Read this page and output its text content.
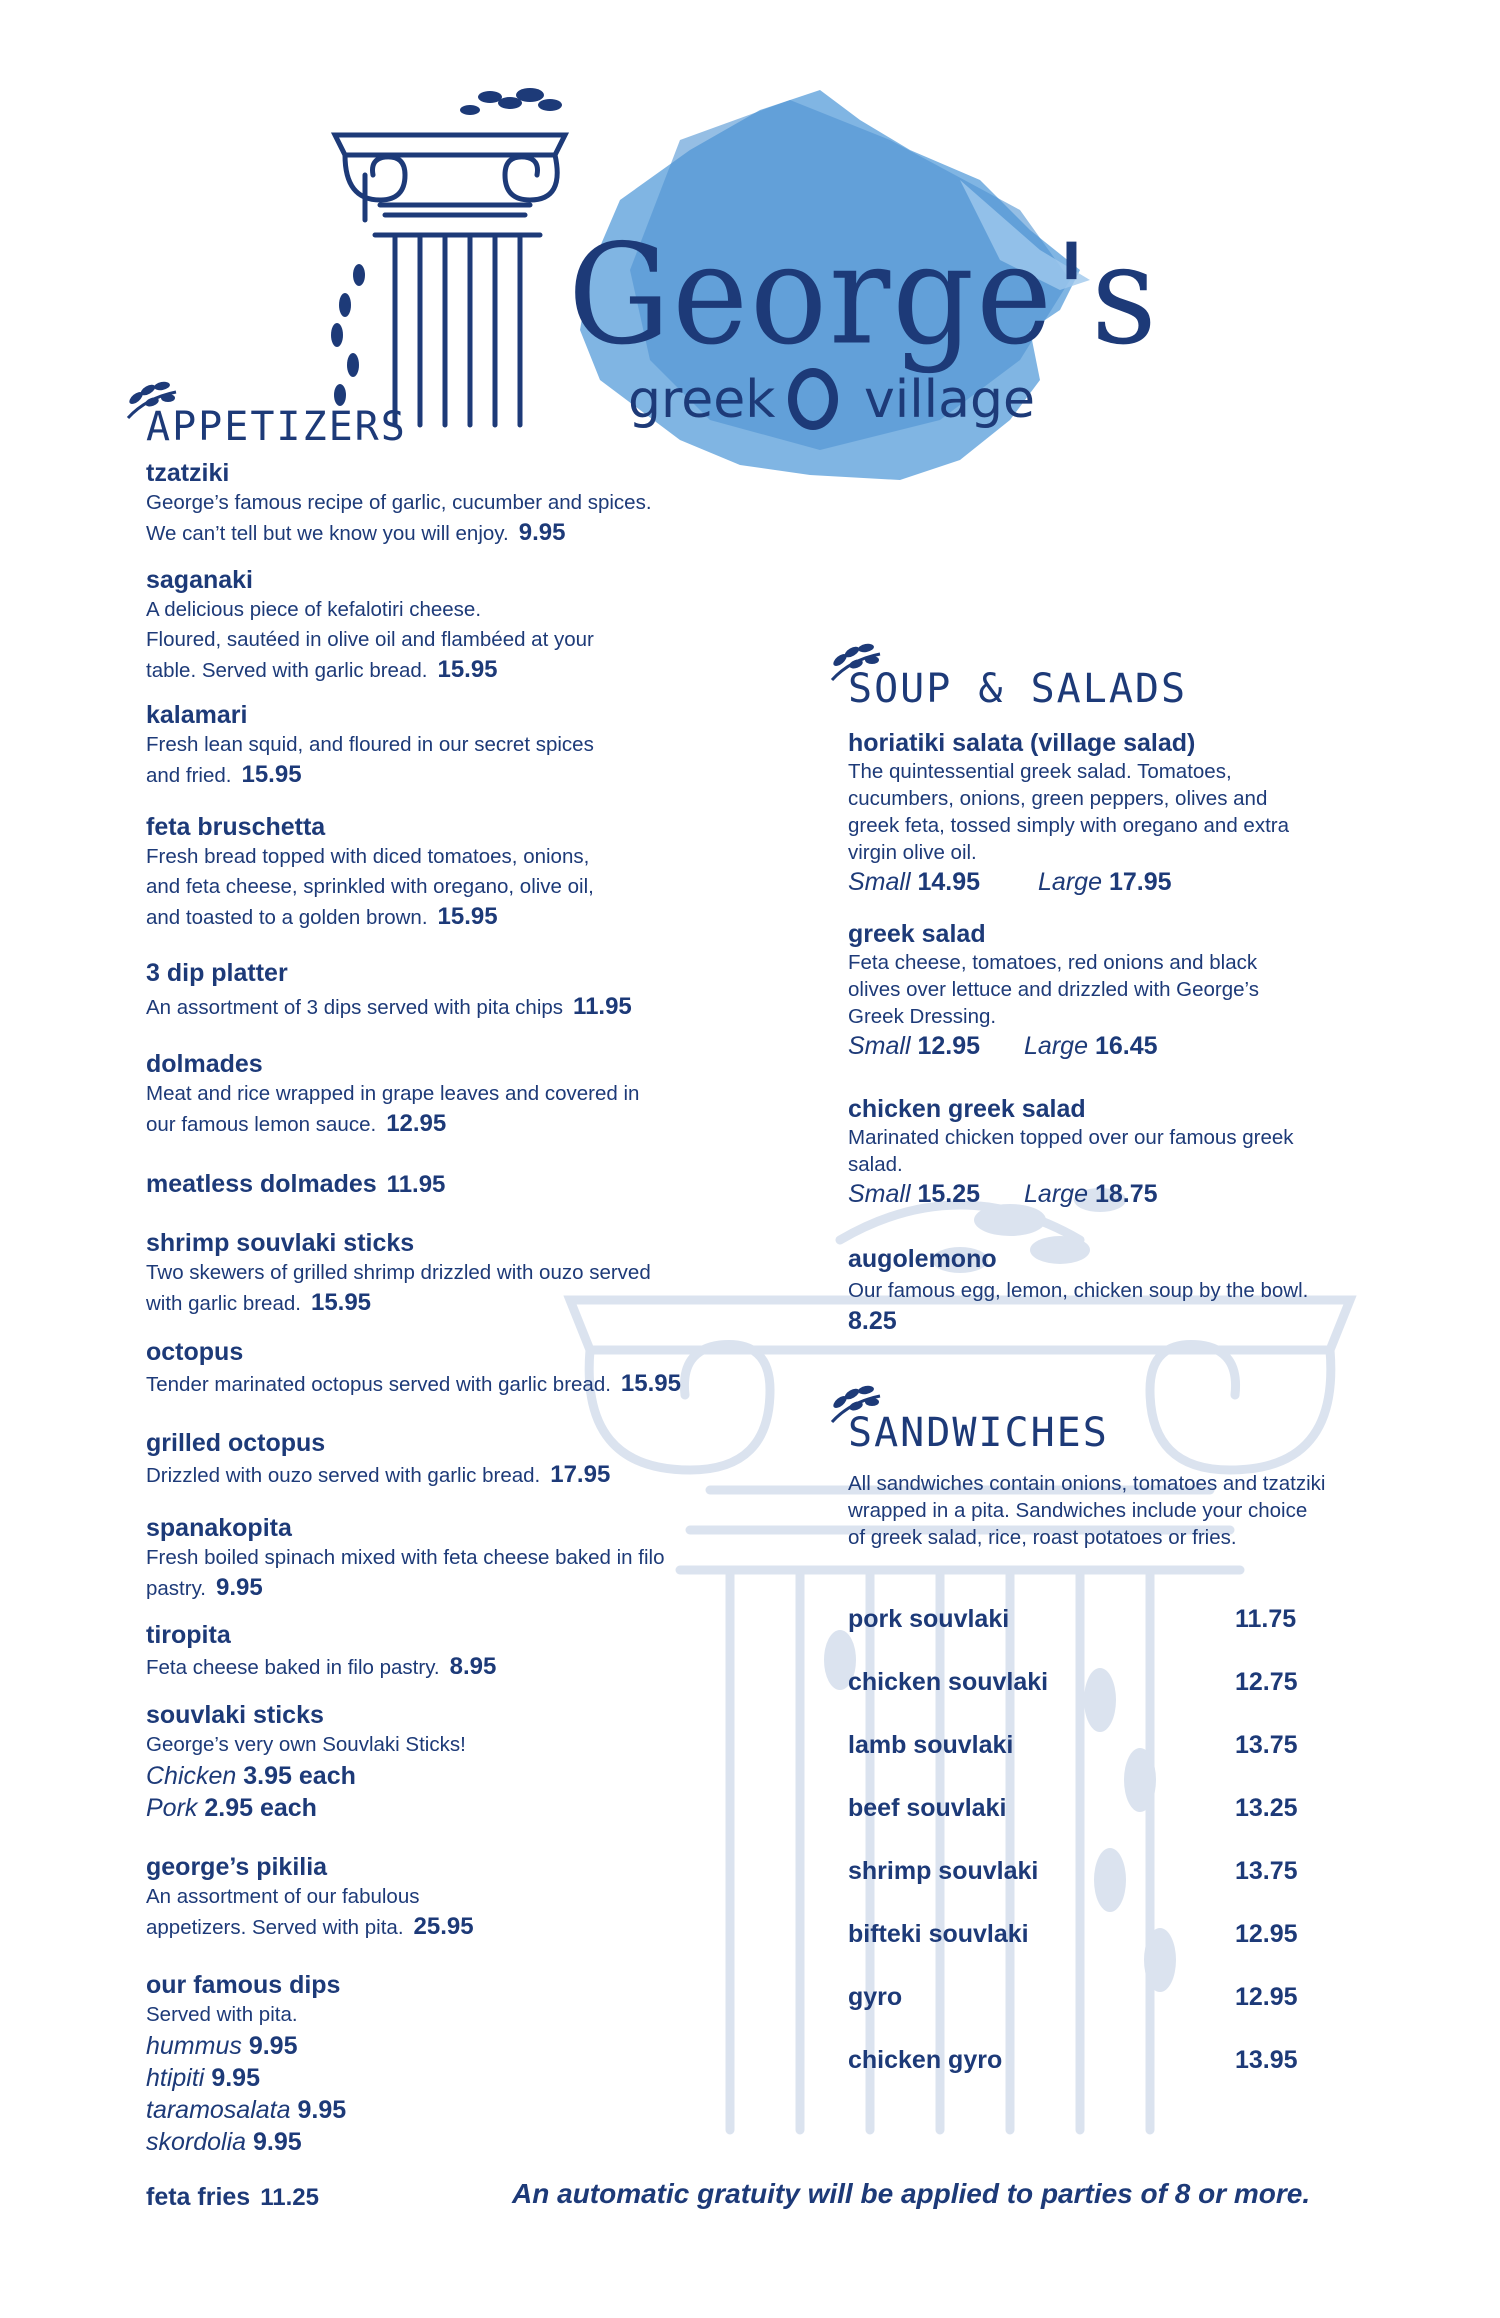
George's
greek village
APPETIZERS
tzatziki
George’s famous recipe of garlic, cucumber and spices.
We can’t tell but we know you will enjoy. 9.95
saganaki
A delicious piece of kefalotiri cheese.
Floured, sautéed in olive oil and flambéed at your
table. Served with garlic bread. 15.95
kalamari
Fresh lean squid, and floured in our secret spices
and fried. 15.95
feta bruschetta
Fresh bread topped with diced tomatoes, onions,
and feta cheese, sprinkled with oregano, olive oil,
and toasted to a golden brown. 15.95
3 dip platter
An assortment of 3 dips served with pita chips 11.95
dolmades
Meat and rice wrapped in grape leaves and covered in
our famous lemon sauce. 12.95
meatless dolmades 11.95
shrimp souvlaki sticks
Two skewers of grilled shrimp drizzled with ouzo served
with garlic bread. 15.95
octopus
Tender marinated octopus served with garlic bread. 15.95
grilled octopus
Drizzled with ouzo served with garlic bread. 17.95
spanakopita
Fresh boiled spinach mixed with feta cheese baked in filo
pastry. 9.95
tiropita
Feta cheese baked in filo pastry. 8.95
souvlaki sticks
George’s very own Souvlaki Sticks!
Chicken 3.95 each
Pork 2.95 each
george’s pikilia
An assortment of our fabulous
appetizers. Served with pita. 25.95
our famous dips
Served with pita.
hummus 9.95
htipiti 9.95
taramosalata 9.95
skordolia 9.95
feta fries 11.25
SOUP & SALADS
horiatiki salata (village salad)
The quintessential greek salad. Tomatoes,
cucumbers, onions, green peppers, olives and
greek feta, tossed simply with oregano and extra
virgin olive oil.
Small 14.95 Large 17.95
greek salad
Feta cheese, tomatoes, red onions and black
olives over lettuce and drizzled with George’s
Greek Dressing.
Small 12.95 Large 16.45
chicken greek salad
Marinated chicken topped over our famous greek
salad.
Small 15.25 Large 18.75
augolemono
Our famous egg, lemon, chicken soup by the bowl.
8.25
SANDWICHES
All sandwiches contain onions, tomatoes and tzatziki
wrapped in a pita. Sandwiches include your choice
of greek salad, rice, roast potatoes or fries.
pork souvlaki	11.75
chicken souvlaki	12.75
lamb souvlaki	13.75
beef souvlaki	13.25
shrimp souvlaki	13.75
bifteki souvlaki	12.95
gyro	12.95
chicken gyro	13.95
An automatic gratuity will be applied to parties of 8 or more.
